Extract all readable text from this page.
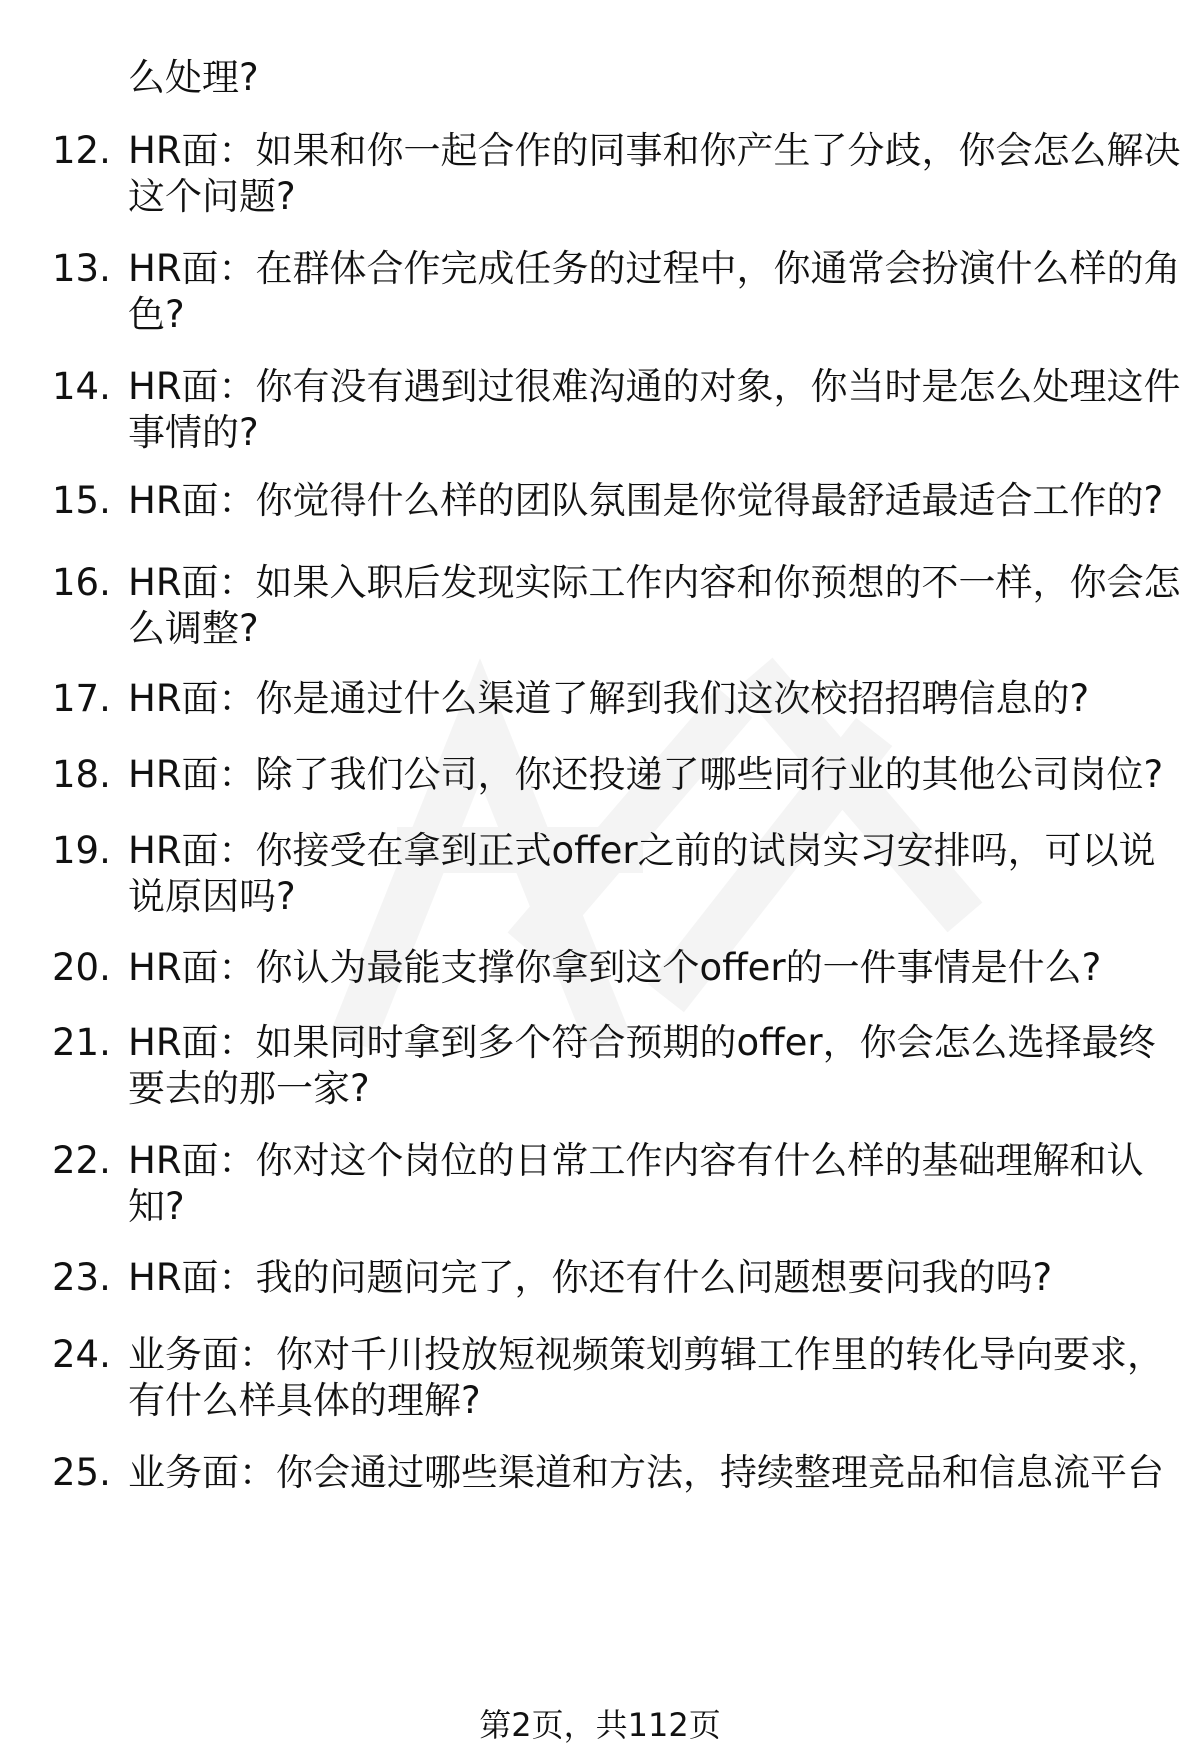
么处理?
12. HR面：如果和你一起合作的同事和你产生了分歧，你会怎么解决
这个问题?
13. HR面：在群体合作完成任务的过程中，你通常会扮演什么样的角
色?
14. HR面：你有没有遇到过很难沟通的对象，你当时是怎么处理这件
事情的?
15. HR面：你觉得什么样的团队氛围是你觉得最舒适最适合工作的?
16. HR面：如果入职后发现实际工作内容和你预想的不一样，你会怎
么调整?
17. HR面：你是通过什么渠道了解到我们这次校招招聘信息的?
18. HR面：除了我们公司，你还投递了哪些同行业的其他公司岗位?
19. HR面：你接受在拿到正式offer之前的试岗实习安排吗，可以说
说原因吗?
20. HR面：你认为最能支撑你拿到这个offer的一件事情是什么?
21. HR面：如果同时拿到多个符合预期的offer，你会怎么选择最终
要去的那一家?
22. HR面：你对这个岗位的日常工作内容有什么样的基础理解和认
知?
23. HR面：我的问题问完了，你还有什么问题想要问我的吗?
24. 业务面：你对千川投放短视频策划剪辑工作里的转化导向要求，
有什么样具体的理解?
25. 业务面：你会通过哪些渠道和方法，持续整理竞品和信息流平台
第2页，共112页
